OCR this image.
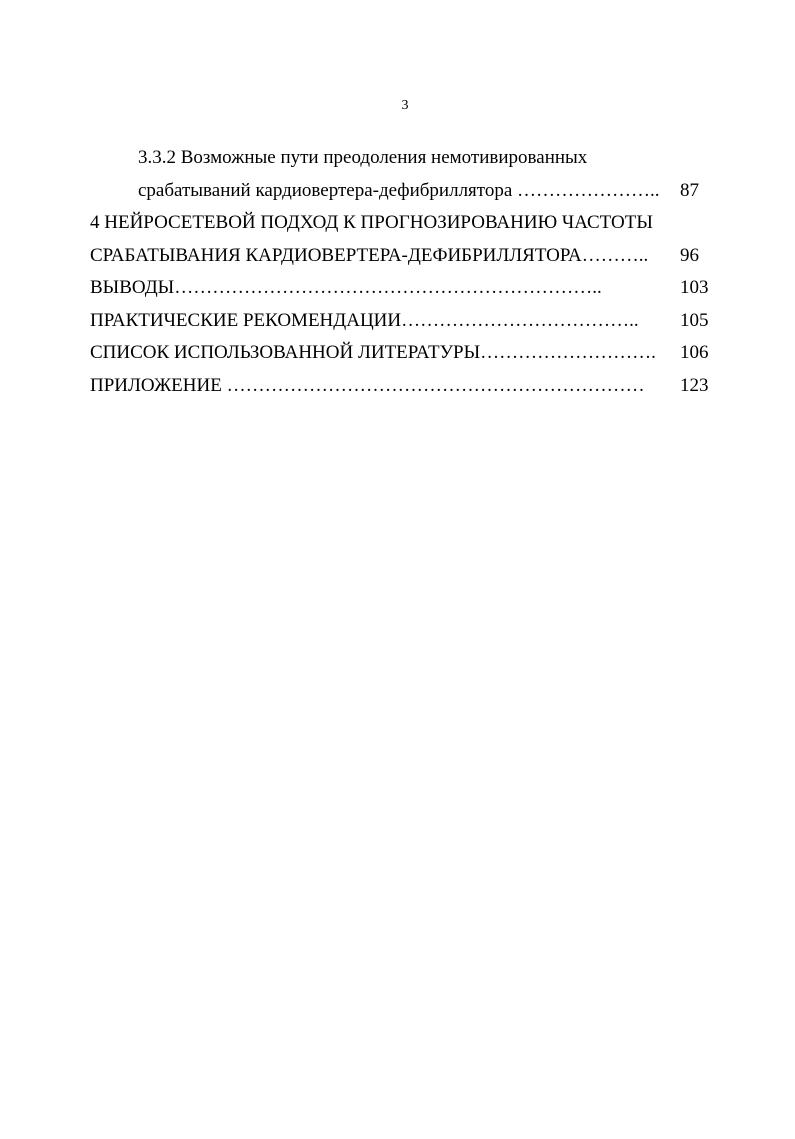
3
3.3.2 Возможные пути преодоления немотивированных
срабатываний кардиовертера-дефибриллятора ………………….. 87
4 НЕЙРОСЕТЕВОЙ ПОДХОД К ПРОГНОЗИРОВАНИЮ ЧАСТОТЫ
СРАБАТЫВАНИЯ КАРДИОВЕРТЕРА-ДЕФИБРИЛЛЯТОРА……….. 96
ВЫВОДЫ…………………………………………………………..	103
ПРАКТИЧЕСКИЕ РЕКОМЕНДАЦИИ……………………………….. 105
СПИСОК ИСПОЛЬЗОВАННОЙ ЛИТЕРАТУРЫ………………………. 106
ПРИЛОЖЕНИЕ ………………………………………………………… 123
